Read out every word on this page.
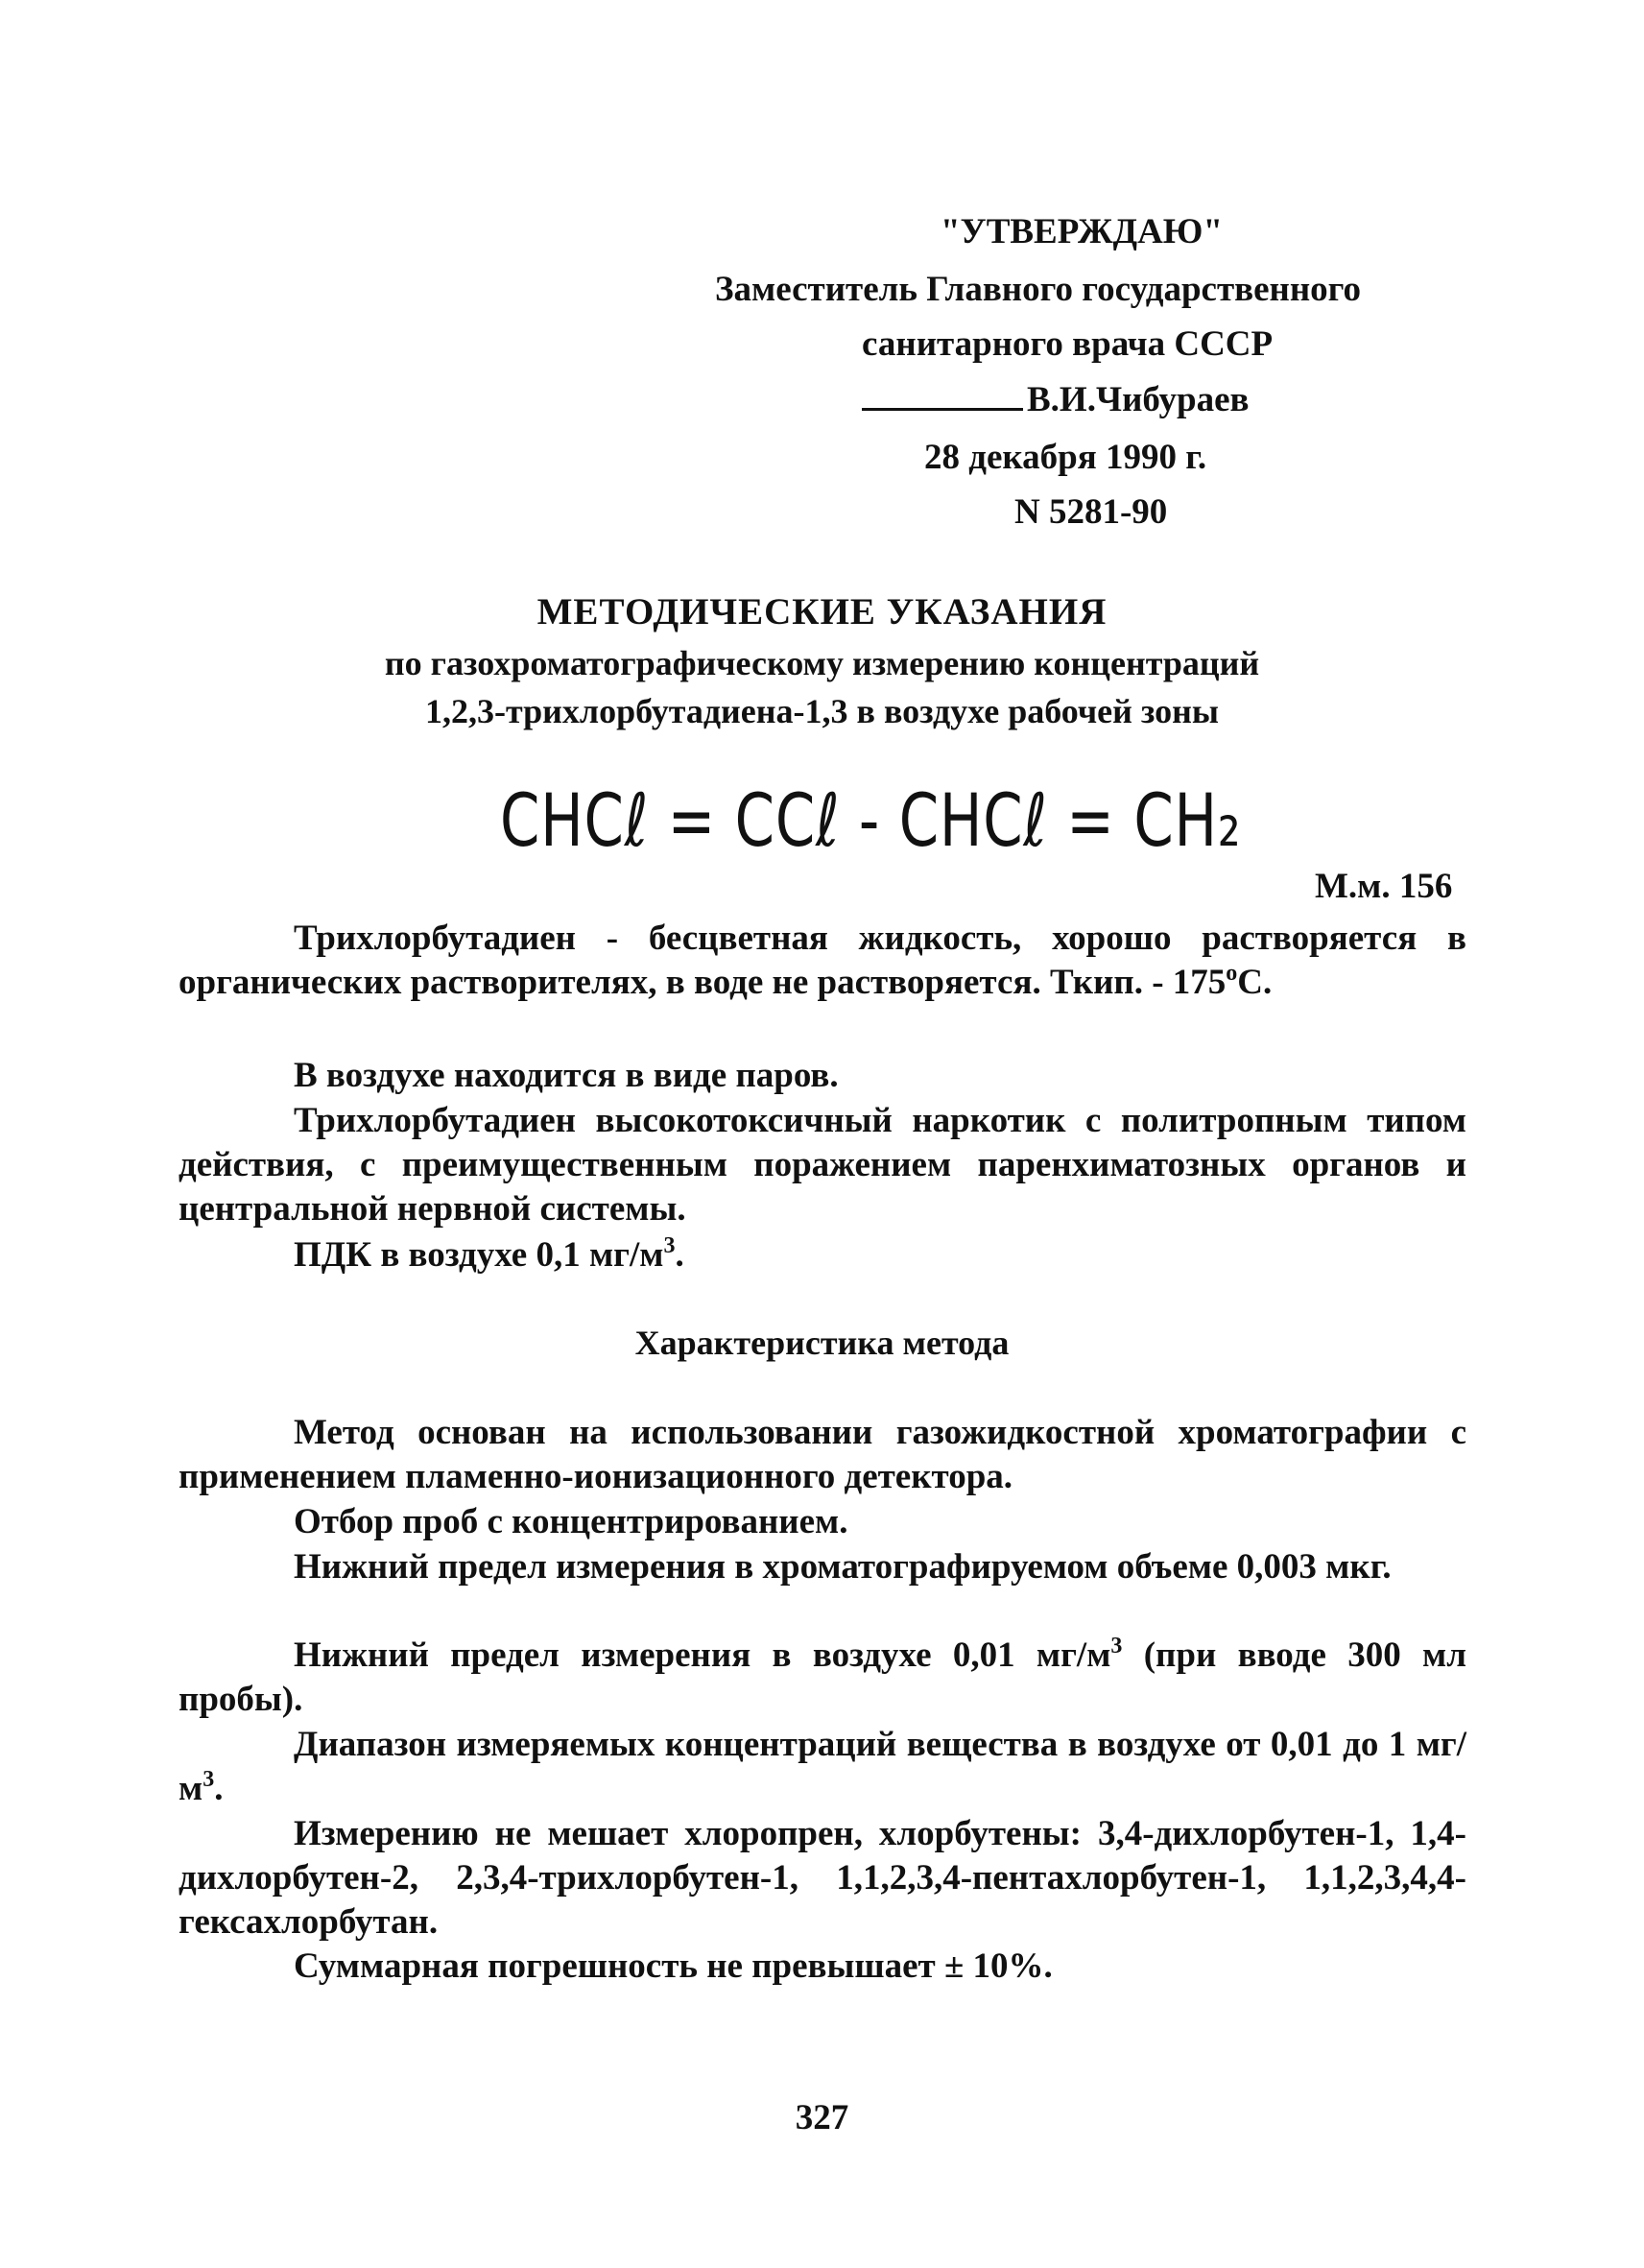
"УТВЕРЖДАЮ"
Заместитель Главного государственного
санитарного врача СССР
В.И.Чибураев
28 декабря 1990 г.
N 5281-90
МЕТОДИЧЕСКИЕ УКАЗАНИЯ
по газохроматографическому измерению концентраций
1,2,3-трихлорбутадиена-1,3 в воздухе рабочей зоны
CHCℓ = CCℓ - CHCℓ = CH₂
М.м. 156
Трихлорбутадиен - бесцветная жидкость, хорошо растворяется в органических растворителях, в воде не растворяется. Ткип. - $175^оС$.
В воздухе находится в виде паров.
Трихлорбутадиен высокотоксичный наркотик с политропным типом действия, с преимущественным поражением паренхиматозных органов и центральной нервной системы.
ПДК в воздухе 0,1 $мг/м^3$.
Характеристика метода
Метод основан на использовании газожидкостной хроматографии с применением пламенно-ионизационного детектора.
Отбор проб с концентрированием.
Нижний предел измерения в хроматографируемом объеме 0,003 мкг.
Нижний предел измерения в воздухе 0,01 $мг/м^3$ (при вводе 300 мл пробы).
Диапазон измеряемых концентраций вещества в воздухе от 0,01 до 1 $мг/м^3$.
Измерению не мешает хлоропрен, хлорбутены: 3,4-дихлорбутен-1, 1,4-дихлорбутен-2, 2,3,4-трихлорбутен-1, 1,1,2,3,4-пентахлорбутен-1, 1,1,2,3,4,4-гексахлорбутан.
Суммарная погрешность не превышает ± 10%.
327
